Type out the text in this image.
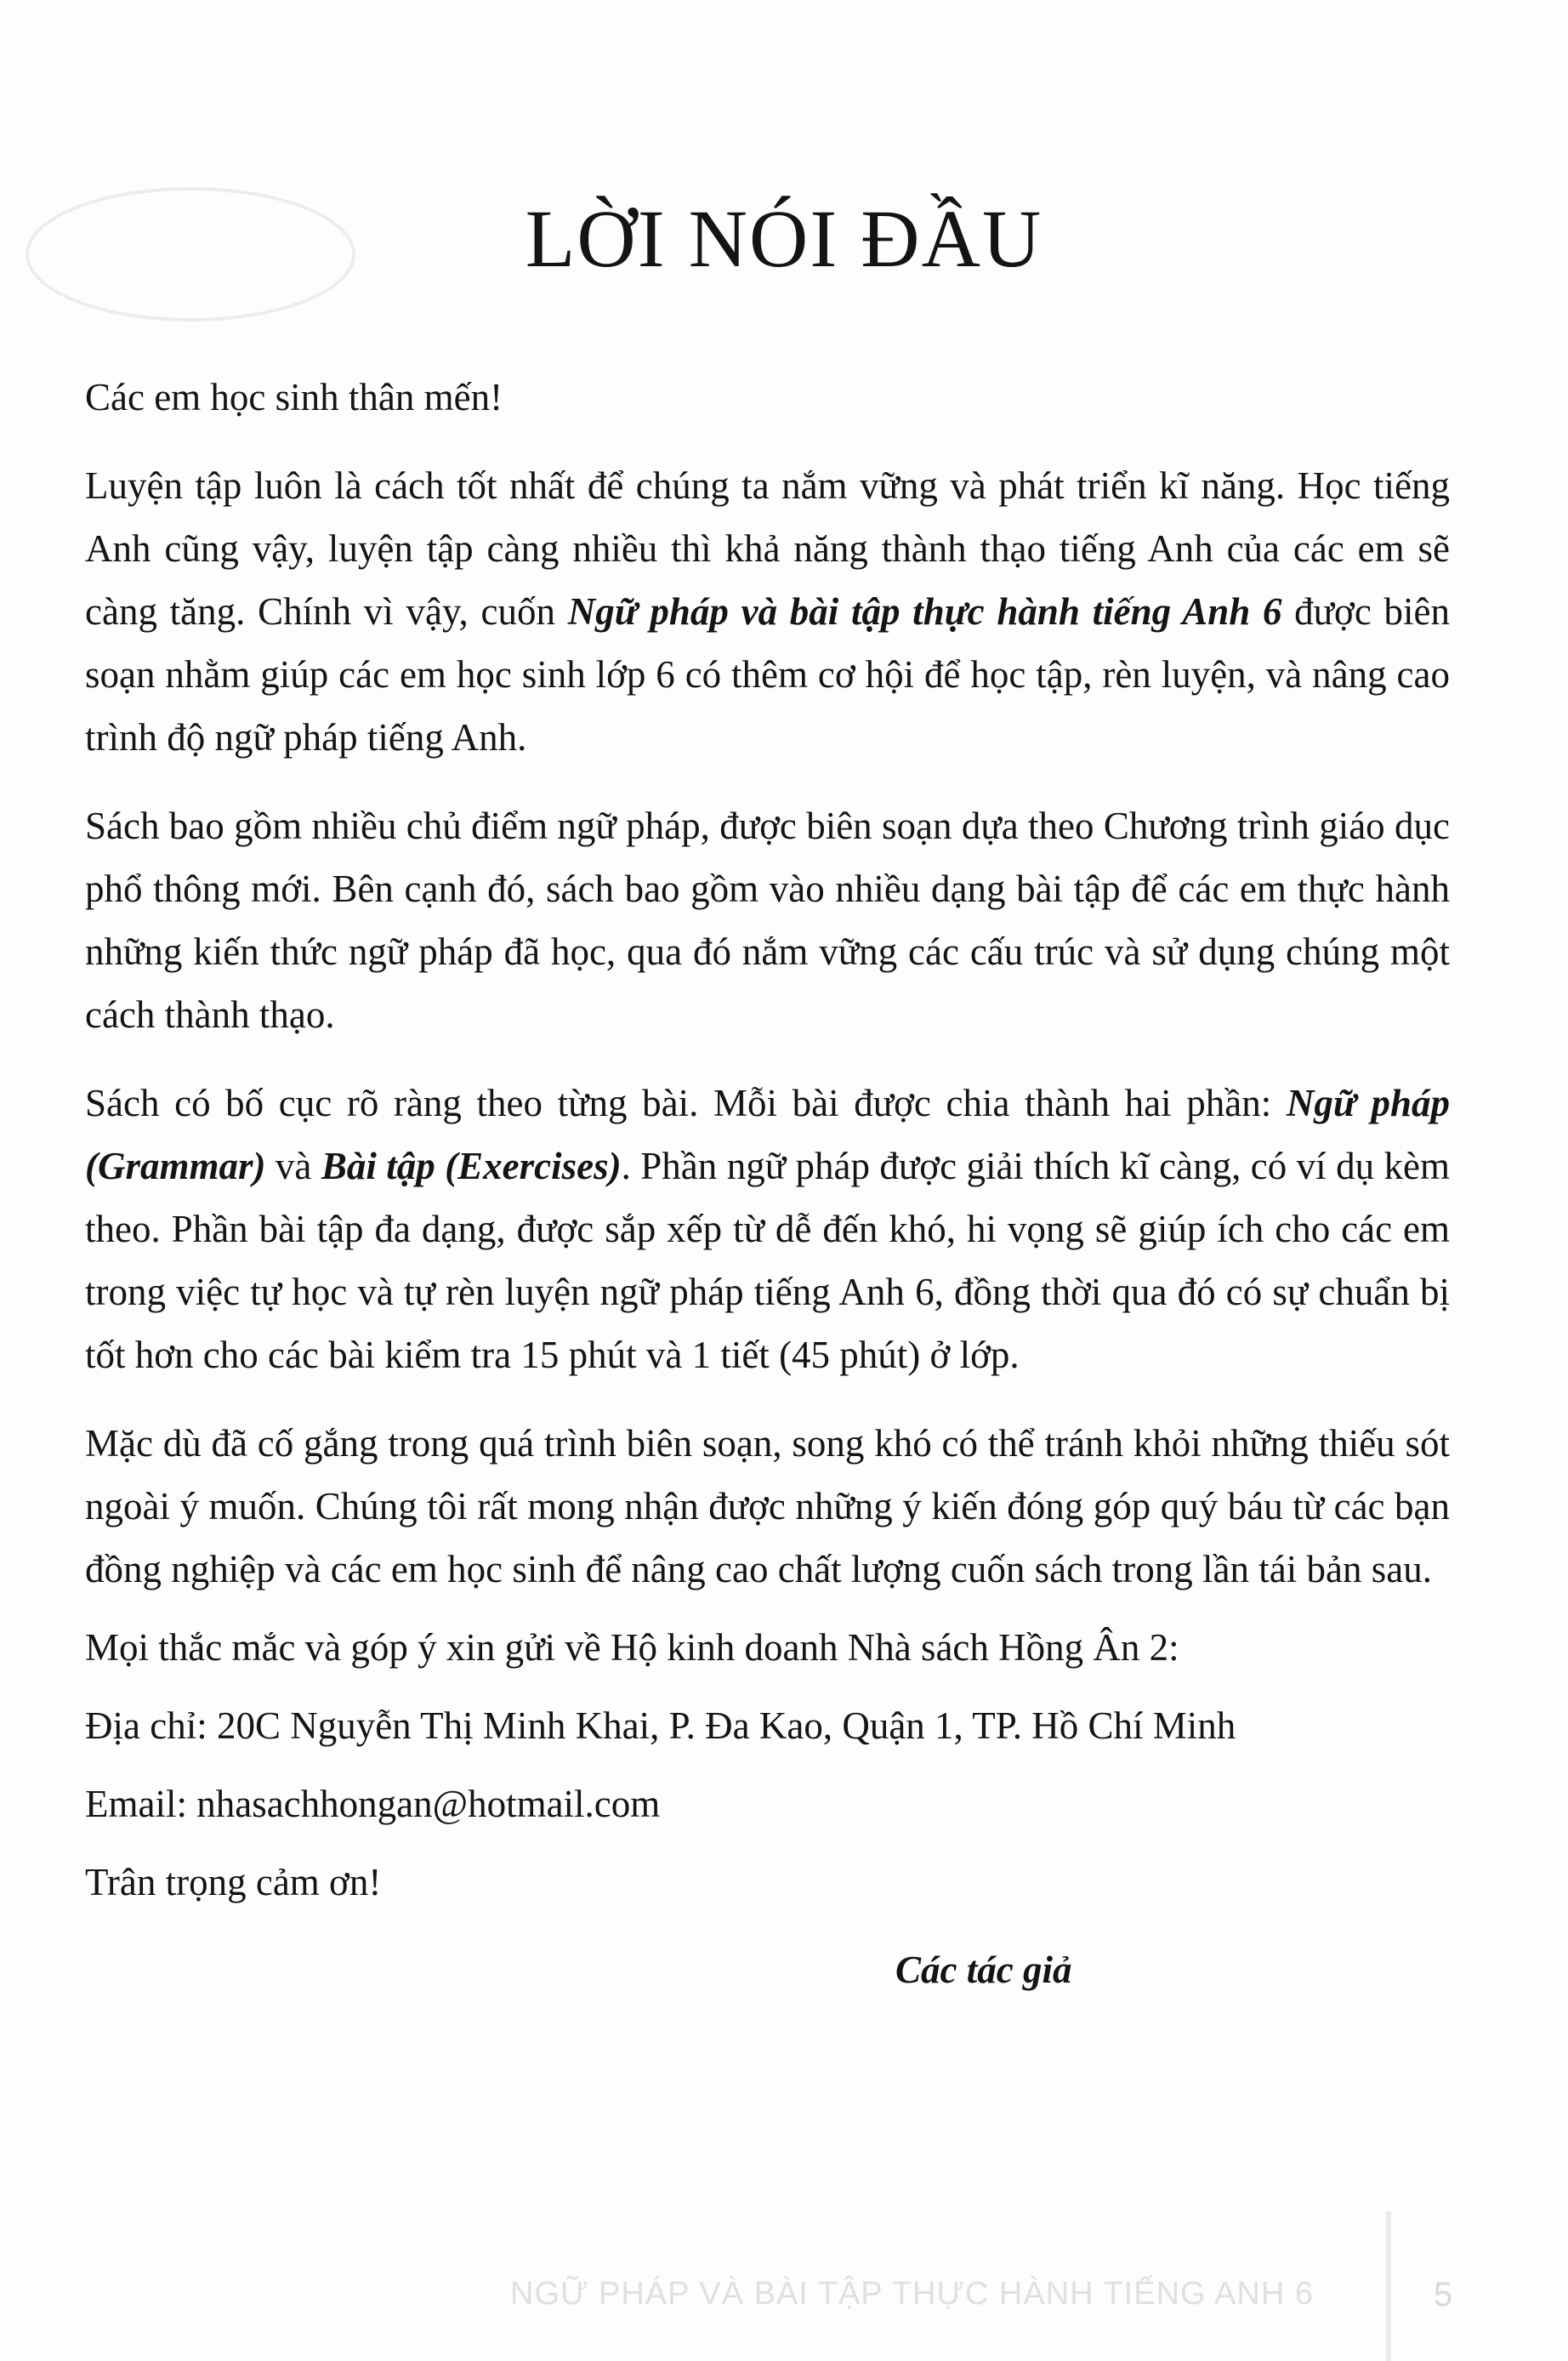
LỜI NÓI ĐẦU

Các em học sinh thân mến!

Luyện tập luôn là cách tốt nhất để chúng ta nắm vững và phát triển kĩ năng. Học tiếng Anh cũng vậy, luyện tập càng nhiều thì khả năng thành thạo tiếng Anh của các em sẽ càng tăng. Chính vì vậy, cuốn Ngữ pháp và bài tập thực hành tiếng Anh 6 được biên soạn nhằm giúp các em học sinh lớp 6 có thêm cơ hội để học tập, rèn luyện, và nâng cao trình độ ngữ pháp tiếng Anh.

Sách bao gồm nhiều chủ điểm ngữ pháp, được biên soạn dựa theo Chương trình giáo dục phổ thông mới. Bên cạnh đó, sách bao gồm vào nhiều dạng bài tập để các em thực hành những kiến thức ngữ pháp đã học, qua đó nắm vững các cấu trúc và sử dụng chúng một cách thành thạo.

Sách có bố cục rõ ràng theo từng bài. Mỗi bài được chia thành hai phần: Ngữ pháp (Grammar) và Bài tập (Exercises). Phần ngữ pháp được giải thích kĩ càng, có ví dụ kèm theo. Phần bài tập đa dạng, được sắp xếp từ dễ đến khó, hi vọng sẽ giúp ích cho các em trong việc tự học và tự rèn luyện ngữ pháp tiếng Anh 6, đồng thời qua đó có sự chuẩn bị tốt hơn cho các bài kiểm tra 15 phút và 1 tiết (45 phút) ở lớp.

Mặc dù đã cố gắng trong quá trình biên soạn, song khó có thể tránh khỏi những thiếu sót ngoài ý muốn. Chúng tôi rất mong nhận được những ý kiến đóng góp quý báu từ các bạn đồng nghiệp và các em học sinh để nâng cao chất lượng cuốn sách trong lần tái bản sau.

Mọi thắc mắc và góp ý xin gửi về Hộ kinh doanh Nhà sách Hồng Ân 2:

Địa chỉ: 20C Nguyễn Thị Minh Khai, P. Đa Kao, Quận 1, TP. Hồ Chí Minh

Email: nhasachhongan@hotmail.com

Trân trọng cảm ơn!

Các tác giả
NGỮ PHÁP VÀ BÀI TẬP THỰC HÀNH TIẾNG ANH 6	5
